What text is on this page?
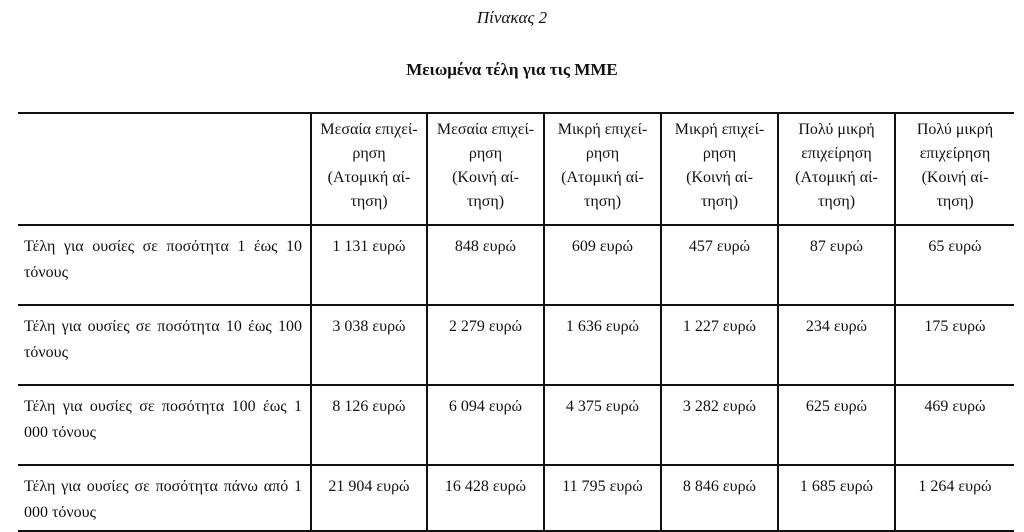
Πίνακας 2
Μειωμένα τέλη για τις ΜΜΕ

	Μεσαία επιχεί-
ρηση
(Ατομική αί-
τηση)	Μεσαία επιχεί-
ρηση
(Κοινή αί-
τηση)	Μικρή επιχεί-
ρηση
(Ατομική αί-
τηση)	Μικρή επιχεί-
ρηση
(Κοινή αί-
τηση)	Πολύ μικρή
επιχείρηση
(Ατομική αί-
τηση)	Πολύ μικρή
επιχείρηση
(Κοινή αί-
τηση)

Τέλη για ουσίες σε ποσότητα 1 έως 10 τόνους	1 131 ευρώ	848 ευρώ	609 ευρώ	457 ευρώ	87 ευρώ	65 ευρώ
Τέλη για ουσίες σε ποσότητα 10 έως 100 τόνους	3 038 ευρώ	2 279 ευρώ	1 636 ευρώ	1 227 ευρώ	234 ευρώ	175 ευρώ
Τέλη για ουσίες σε ποσότητα 100 έως 1 000 τόνους	8 126 ευρώ	6 094 ευρώ	4 375 ευρώ	3 282 ευρώ	625 ευρώ	469 ευρώ
Τέλη για ουσίες σε ποσότητα πάνω από 1 000 τόνους	21 904 ευρώ	16 428 ευρώ	11 795 ευρώ	8 846 ευρώ	1 685 ευρώ	1 264 ευρώ
